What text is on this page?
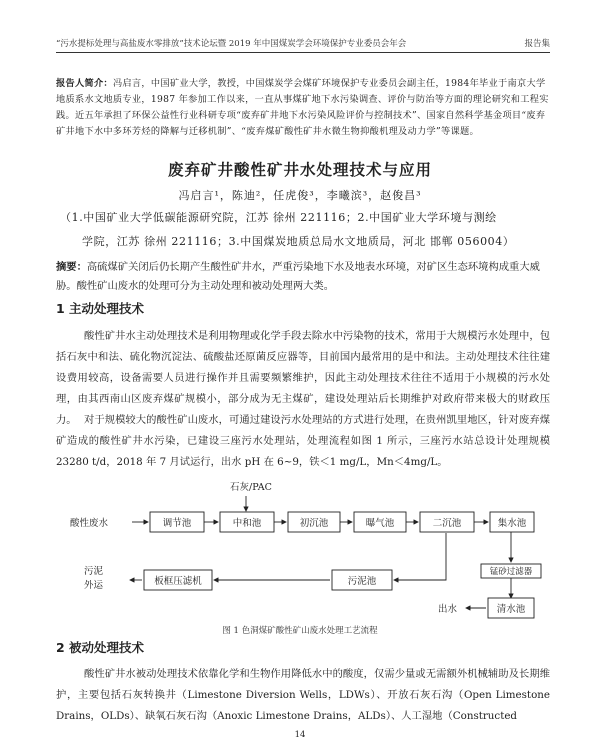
“污水提标处理与高盐废水零排放”技术论坛暨 2019 年中国煤炭学会环境保护专业委员会年会	报告集
报告人简介：冯启言，中国矿业大学，教授，中国煤炭学会煤矿环境保护专业委员会副主任，1984年毕业于南京大学地质系水文地质专业，1987 年参加工作以来，一直从事煤矿地下水污染调查、评价与防治等方面的理论研究和工程实践。近五年承担了环保公益性行业科研专项“废弃矿井地下水污染风险评价与控制技术”、国家自然科学基金项目“废弃矿井地下水中多环芳烃的降解与迁移机制”、“废弃煤矿酸性矿井水微生物抑酸机理及动力学”等课题。
废弃矿井酸性矿井水处理技术与应用
冯启言¹，陈迪²，任虎俊³，李曦滨³，赵俊昌³
（1.中国矿业大学低碳能源研究院，江苏 徐州 221116；2.中国矿业大学环境与测绘
学院，江苏 徐州 221116；3.中国煤炭地质总局水文地质局，河北 邯郸 056004）
摘要：高硫煤矿关闭后仍长期产生酸性矿井水，严重污染地下水及地表水环境，对矿区生态环境构成重大威胁。酸性矿山废水的处理可分为主动处理和被动处理两大类。
1 主动处理技术
酸性矿井水主动处理技术是利用物理或化学手段去除水中污染物的技术，常用于大规模污水处理中，包括石灰中和法、硫化物沉淀法、硫酸盐还原菌反应器等，目前国内最常用的是中和法。主动处理技术往往建设费用较高，设备需要人员进行操作并且需要频繁维护，因此主动处理技术往往不适用于小规模的污水处理，由其西南山区废弃煤矿规模小，部分成为无主煤矿，建设处理站后长期维护对政府带来极大的财政压力。 对于规模较大的酸性矿山废水，可通过建设污水处理站的方式进行处理，在贵州凯里地区，针对废弃煤矿造成的酸性矿井水污染，已建设三座污水处理站，处理流程如图 1 所示，三座污水站总设计处理规模 23280 t/d，2018 年 7 月试运行，出水 pH 在 6~9，铁＜1 mg/L，Mn＜4mg/L。
石灰/PAC
酸性废水	调节池	中和池	初沉池	曝气池	二沉池	集水池
锰砂过滤器
清水池
污泥池
板框压滤机
污泥
外运
出水
图 1 色洞煤矿酸性矿山废水处理工艺流程
2 被动处理技术
酸性矿井水被动处理技术依靠化学和生物作用降低水中的酸度，仅需少量或无需额外机械辅助及长期维护，主要包括石灰转换井（Limestone Diversion Wells，LDWs）、开放石灰石沟（Open Limestone Drains，OLDs）、缺氧石灰石沟（Anoxic Limestone Drains，ALDs）、人工湿地（Constructed
14
